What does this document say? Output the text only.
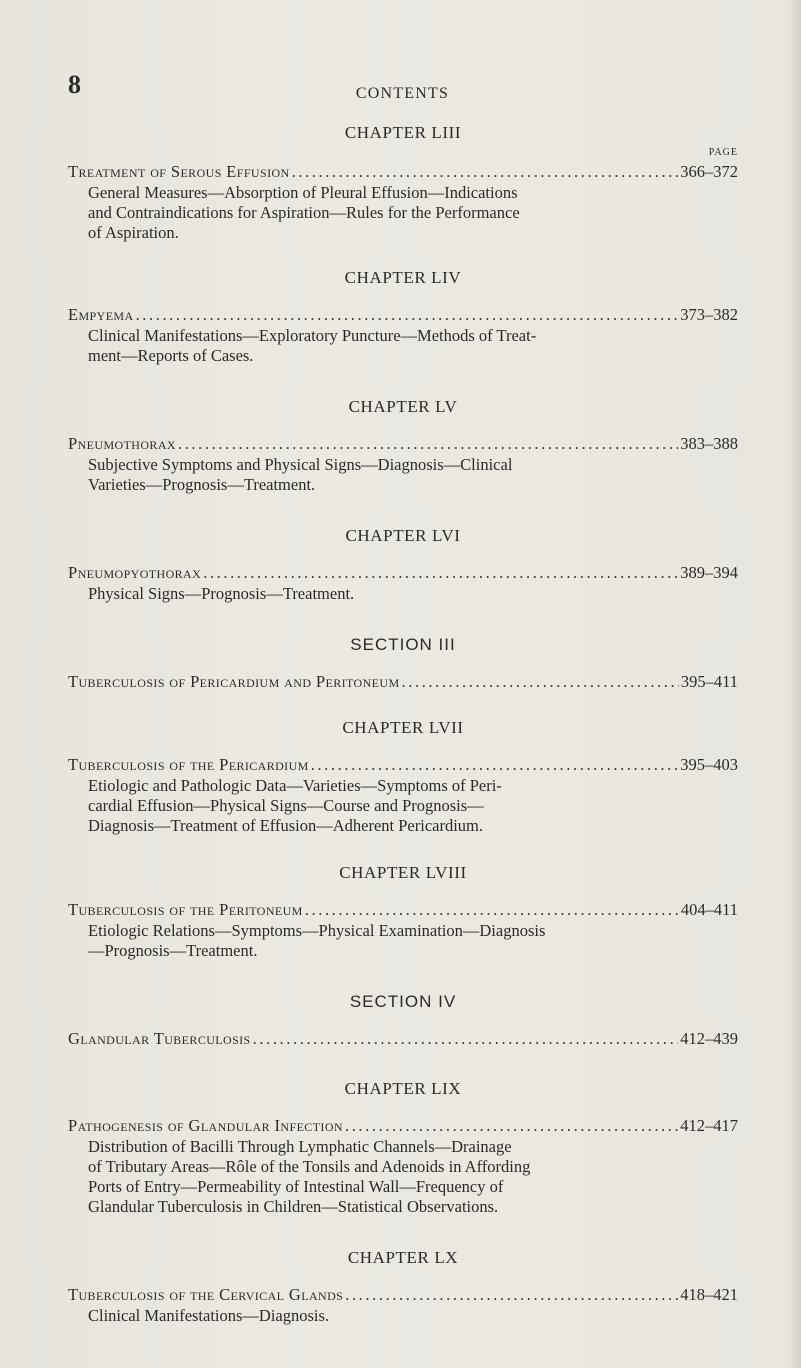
8	CONTENTS
CHAPTER LIII
PAGE
Treatment of Serous Effusion .....	366–372
General Measures—Absorption of Pleural Effusion—Indications
and Contraindications for Aspiration—Rules for the Performance
of Aspiration.
CHAPTER LIV
Empyema .....	373–382
Clinical Manifestations—Exploratory Puncture—Methods of Treat-
ment—Reports of Cases.
CHAPTER LV
Pneumothorax .....	383–388
Subjective Symptoms and Physical Signs—Diagnosis—Clinical
Varieties—Prognosis—Treatment.
CHAPTER LVI
Pneumopyothorax .....	389–394
Physical Signs—Prognosis—Treatment.
SECTION III
Tuberculosis of Pericardium and Peritoneum .....	395–411
CHAPTER LVII
Tuberculosis of the Pericardium .....	395–403
Etiologic and Pathologic Data—Varieties—Symptoms of Peri-
cardial Effusion—Physical Signs—Course and Prognosis—
Diagnosis—Treatment of Effusion—Adherent Pericardium.
CHAPTER LVIII
Tuberculosis of the Peritoneum .....	404–411
Etiologic Relations—Symptoms—Physical Examination—Diagnosis
—Prognosis—Treatment.
SECTION IV
Glandular Tuberculosis .....	412–439
CHAPTER LIX
Pathogenesis of Glandular Infection .....	412–417
Distribution of Bacilli Through Lymphatic Channels—Drainage
of Tributary Areas—Rôle of the Tonsils and Adenoids in Affording
Ports of Entry—Permeability of Intestinal Wall—Frequency of
Glandular Tuberculosis in Children—Statistical Observations.
CHAPTER LX
Tuberculosis of the Cervical Glands .....	418–421
Clinical Manifestations—Diagnosis.
